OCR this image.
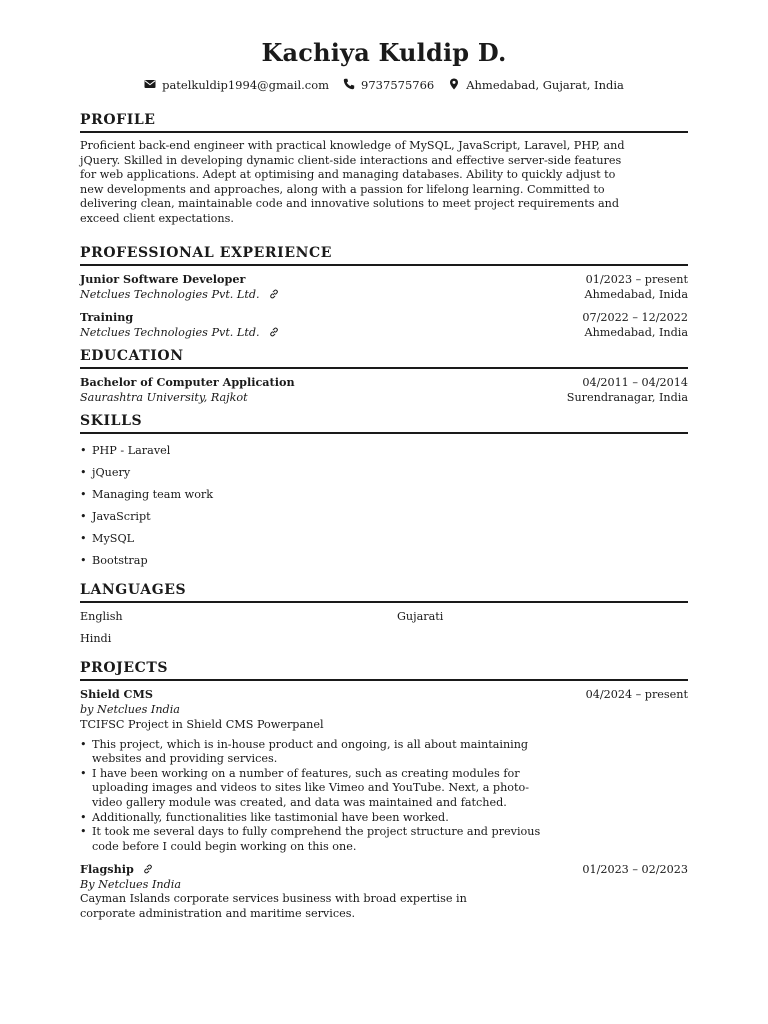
Kachiya Kuldip D.
patelkuldip1994@gmail.com	9737575766	Ahmedabad, Gujarat, India
PROFILE

Proficient back-end engineer with practical knowledge of MySQL, JavaScript, Laravel, PHP, and jQuery. Skilled in developing dynamic client-side interactions and effective server-side features for web applications. Adept at optimising and managing databases. Ability to quickly adjust to new developments and approaches, along with a passion for lifelong learning. Committed to delivering clean, maintainable code and innovative solutions to meet project requirements and exceed client expectations.

PROFESSIONAL EXPERIENCE
Junior Software Developer	01/2023 – present
Netclues Technologies Pvt. Ltd.	Ahmedabad, Inida
Training	07/2022 – 12/2022
Netclues Technologies Pvt. Ltd.	Ahmedabad, India
EDUCATION
Bachelor of Computer Application	04/2011 – 04/2014
Saurashtra University, Rajkot	Surendranagar, India
SKILLS
• PHP - Laravel
• jQuery
• Managing team work
• JavaScript
• MySQL
• Bootstrap
LANGUAGES
English	Gujarati
Hindi
PROJECTS
Shield CMS	04/2024 – present
by Netclues India
TCIFSC Project in Shield CMS Powerpanel
• This project, which is in-house product and ongoing, is all about maintaining websites and providing services.
• I have been working on a number of features, such as creating modules for uploading images and videos to sites like Vimeo and YouTube. Next, a photo-video gallery module was created, and data was maintained and fatched.
• Additionally, functionalities like tastimonial have been worked.
• It took me several days to fully comprehend the project structure and previous code before I could begin working on this one.
Flagship	01/2023 – 02/2023
By Netclues India

Cayman Islands corporate services business with broad expertise in corporate administration and maritime services.
